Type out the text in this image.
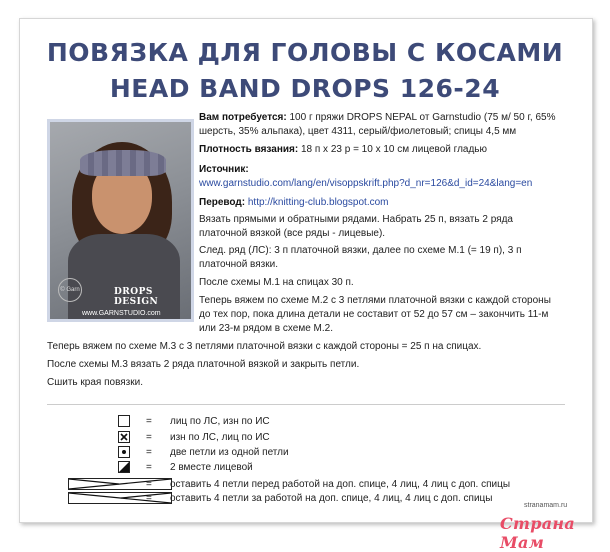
ПОВЯЗКА ДЛЯ ГОЛОВЫ С КОСАМИ
HEAD BAND DROPS 126-24
© Garn	DROPS DESIGN
www.GARNSTUDIO.com

Вам потребуется: 100 г пряжи DROPS NEPAL от Garnstudio (75 м/ 50 г, 65% шерсть, 35% альпака), цвет 4311, серый/фиолетовый; спицы 4,5 мм

Плотность вязания: 18 п х 23 р = 10 х 10 см лицевой гладью

Источник:

www.garnstudio.com/lang/en/visoppskrift.php?d_nr=126&d_id=24&lang=en

Перевод: http://knitting-club.blogspot.com

Вязать прямыми и обратными рядами. Набрать 25 п, вязать 2 ряда платочной вязкой (все ряды - лицевые).

След. ряд (ЛС): 3 п платочной вязки, далее по схеме М.1 (= 19 п), 3 п платочной вязки.

После схемы М.1 на спицах 30 п.

Теперь вяжем по схеме М.2 с 3 петлями платочной вязки с каждой стороны до тех пор, пока длина детали не составит от 52 до 57 см – закончить 11-м или 23-м рядом в схеме М.2.

Теперь вяжем по схеме М.3 с 3 петлями платочной вязки с каждой стороны = 25 п на спицах.

После схемы М.3 вязать 2 ряда платочной вязкой и закрыть петли.

Сшить края повязки.

= лиц по ЛС, изн по ИС
= изн по ЛС, лиц по ИС
= две петли из одной петли
= 2 вместе лицевой
= оставить 4 петли перед работой на доп. спице, 4 лиц, 4 лиц с доп. спицы
= оставить 4 петли за работой на доп. спице, 4 лиц, 4 лиц с доп. спицы
stranamam.ru
Страна Мам
